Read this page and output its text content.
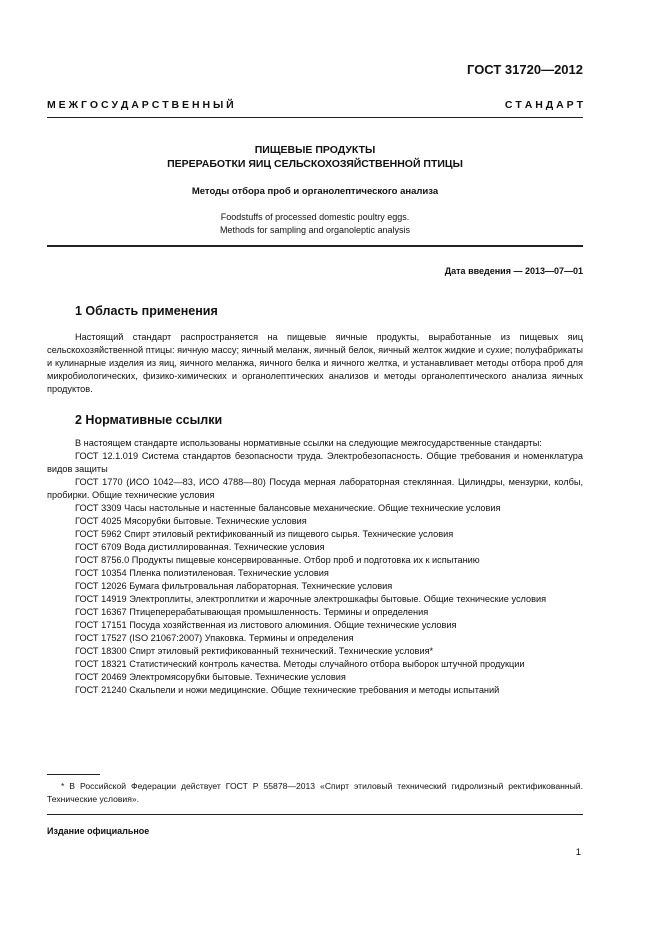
ГОСТ 31720—2012
М Е Ж Г О С У Д А Р С Т В Е Н Н Ы Й	С Т А Н Д А Р Т
ПИЩЕВЫЕ ПРОДУКТЫ
ПЕРЕРАБОТКИ ЯИЦ СЕЛЬСКОХОЗЯЙСТВЕННОЙ ПТИЦЫ
Методы отбора проб и органолептического анализа
Foodstuffs of processed domestic poultry eggs.
Methods for sampling and organoleptic analysis
Дата введения — 2013—07—01
1 Область применения

Настоящий стандарт распространяется на пищевые яичные продукты, выработанные из пищевых яиц сельскохозяйственной птицы: яичную массу; яичный меланж, яичный белок, яичный желток жидкие и сухие; полуфабрикаты и кулинарные изделия из яиц, яичного меланжа, яичного белка и яичного желтка, и устанавливает методы отбора проб для микробиологических, физико-химических и органолептических анализов и методы органолептического анализа яичных продуктов.

2 Нормативные ссылки
В настоящем стандарте использованы нормативные ссылки на следующие межгосударственные стандарты:
ГОСТ 12.1.019 Система стандартов безопасности труда. Электробезопасность. Общие требования и номенклатура видов защиты
ГОСТ 1770 (ИСО 1042—83, ИСО 4788—80) Посуда мерная лабораторная стеклянная. Цилиндры, мензурки, колбы, пробирки. Общие технические условия
ГОСТ 3309 Часы настольные и настенные балансовые механические. Общие технические условия
ГОСТ 4025 Мясорубки бытовые. Технические условия
ГОСТ 5962 Спирт этиловый ректификованный из пищевого сырья. Технические условия
ГОСТ 6709 Вода дистиллированная. Технические условия
ГОСТ 8756.0 Продукты пищевые консервированные. Отбор проб и подготовка их к испытанию
ГОСТ 10354 Пленка полиэтиленовая. Технические условия
ГОСТ 12026 Бумага фильтровальная лабораторная. Технические условия
ГОСТ 14919 Электроплиты, электроплитки и жарочные электрошкафы бытовые. Общие технические условия
ГОСТ 16367 Птицеперерабатывающая промышленность. Термины и определения
ГОСТ 17151 Посуда хозяйственная из листового алюминия. Общие технические условия
ГОСТ 17527 (ISO 21067:2007) Упаковка. Термины и определения
ГОСТ 18300 Спирт этиловый ректификованный технический. Технические условия*
ГОСТ 18321 Статистический контроль качества. Методы случайного отбора выборок штучной продукции
ГОСТ 20469 Электромясорубки бытовые. Технические условия
ГОСТ 21240 Скальпели и ножи медицинские. Общие технические требования и методы испытаний
* В Российской Федерации действует ГОСТ Р 55878—2013 «Спирт этиловый технический гидролизный ректификованный. Технические условия».
Издание официальное
1
